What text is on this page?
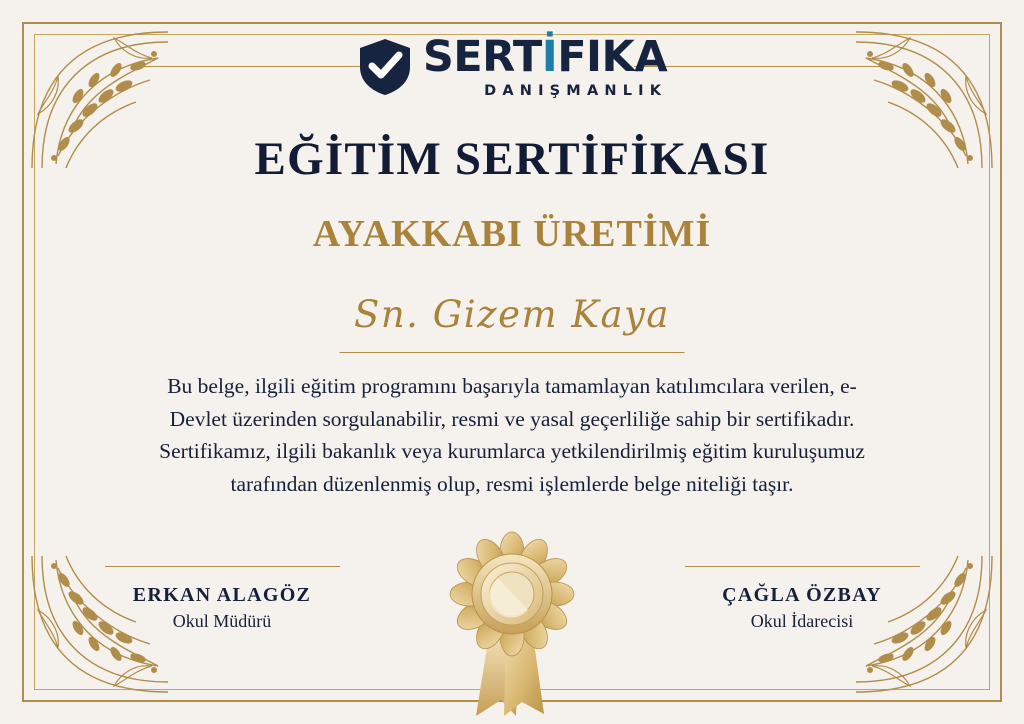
SERTİFIKA
DANIŞMANLIK
EĞİTİM SERTİFİKASI
AYAKKABI ÜRETİMİ
Sn. Gizem Kaya
Bu belge, ilgili eğitim programını başarıyla tamamlayan katılımcılara verilen, e-Devlet üzerinden sorgulanabilir, resmi ve yasal geçerliliğe sahip bir sertifikadır. Sertifikamız, ilgili bakanlık veya kurumlarca yetkilendirilmiş eğitim kuruluşumuz tarafından düzenlenmiş olup, resmi işlemlerde belge niteliği taşır.
ERKAN ALAGÖZ
Okul Müdürü
ÇAĞLA ÖZBAY
Okul İdarecisi
